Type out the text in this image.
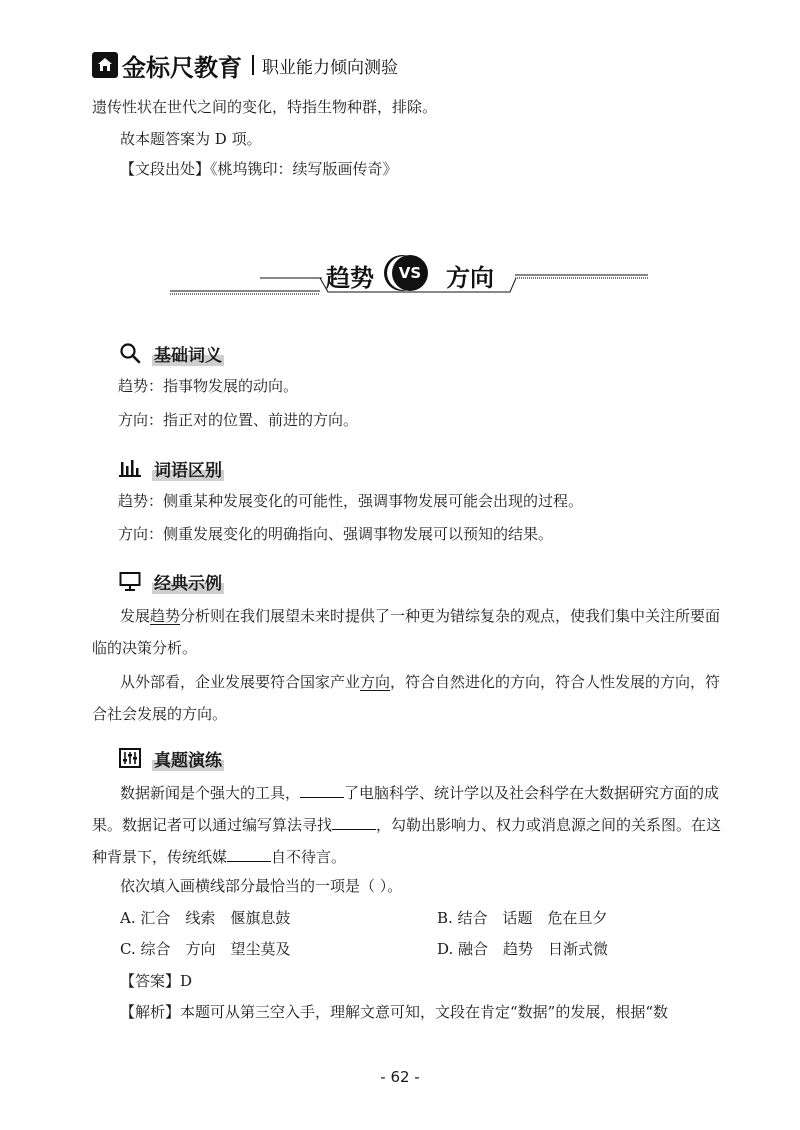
金标尺教育 职业能力倾向测验
遗传性状在世代之间的变化，特指生物种群，排除。
故本题答案为 D 项。
【文段出处】《桃坞镌印：续写版画传奇》
趋势	VS 方向
基础词义
趋势：指事物发展的动向。
方向：指正对的位置、前进的方向。
词语区别
趋势：侧重某种发展变化的可能性，强调事物发展可能会出现的过程。
方向：侧重发展变化的明确指向、强调事物发展可以预知的结果。
经典示例
发展趋势分析则在我们展望未来时提供了一种更为错综复杂的观点，使我们集中关注所要面临的决策分析。
从外部看，企业发展要符合国家产业方向，符合自然进化的方向，符合人性发展的方向，符合社会发展的方向。
真题演练
数据新闻是个强大的工具，	了电脑科学、统计学以及社会科学在大数据研究方面的成果。数据记者可以通过编写算法寻找	，勾勒出影响力、权力或消息源之间的关系图。在这种背景下，传统纸媒	自不待言。
依次填入画横线部分最恰当的一项是（ ）。
A. 汇合　线索　偃旗息鼓	B. 结合　话题　危在旦夕
C. 综合　方向　望尘莫及	D. 融合　趋势　日渐式微
【答案】D
【解析】本题可从第三空入手，理解文意可知，文段在肯定“数据”的发展，根据“数
- 62 -
